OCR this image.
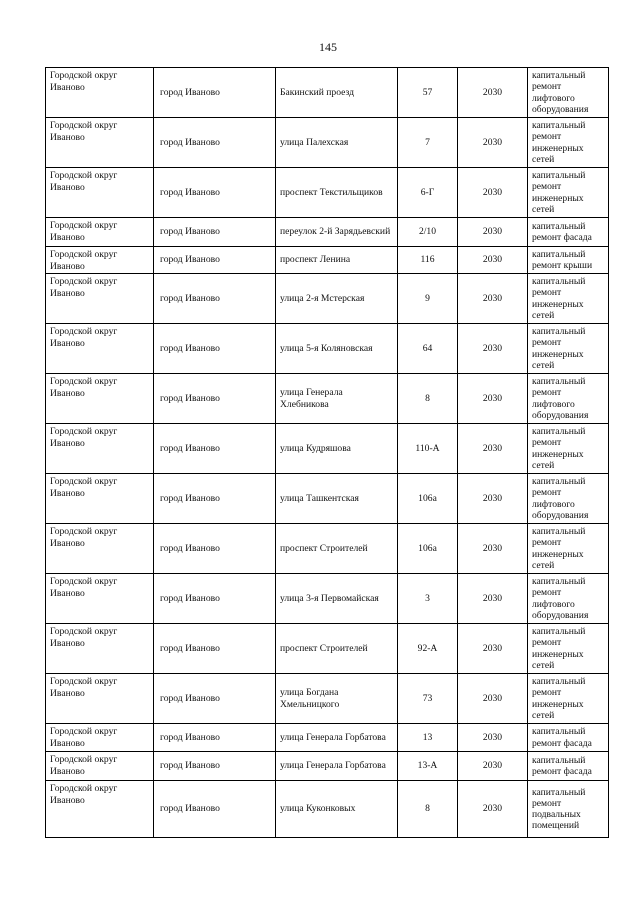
145
Городской округ Иваново	город Иваново	Бакинский проезд	57	2030	капитальный ремонт лифтового оборудования
Городской округ Иваново	город Иваново	улица Палехская	7	2030	капитальный ремонт инженерных сетей
Городской округ Иваново	город Иваново	проспект Текстильщиков	6-Г	2030	капитальный ремонт инженерных сетей
Городской округ Иваново	город Иваново	переулок 2-й Зарядьевский	2/10	2030	капитальный ремонт фасада
Городской округ Иваново	город Иваново	проспект Ленина	116	2030	капитальный ремонт крыши
Городской округ Иваново	город Иваново	улица 2-я Мстерская	9	2030	капитальный ремонт инженерных сетей
Городской округ Иваново	город Иваново	улица 5-я Коляновская	64	2030	капитальный ремонт инженерных сетей
Городской округ Иваново	город Иваново	улица Генерала Хлебникова	8	2030	капитальный ремонт лифтового оборудования
Городской округ Иваново	город Иваново	улица Кудряшова	110-А	2030	капитальный ремонт инженерных сетей
Городской округ Иваново	город Иваново	улица Ташкентская	106а	2030	капитальный ремонт лифтового оборудования
Городской округ Иваново	город Иваново	проспект Строителей	106а	2030	капитальный ремонт инженерных сетей
Городской округ Иваново	город Иваново	улица 3-я Первомайская	3	2030	капитальный ремонт лифтового оборудования
Городской округ Иваново	город Иваново	проспект Строителей	92-А	2030	капитальный ремонт инженерных сетей
Городской округ Иваново	город Иваново	улица Богдана Хмельницкого	73	2030	капитальный ремонт инженерных сетей
Городской округ Иваново	город Иваново	улица Генерала Горбатова	13	2030	капитальный ремонт фасада
Городской округ Иваново	город Иваново	улица Генерала Горбатова	13-А	2030	капитальный ремонт фасада
Городской округ Иваново	город Иваново	улица Куконковых	8	2030	капитальный ремонт подвальных помещений
